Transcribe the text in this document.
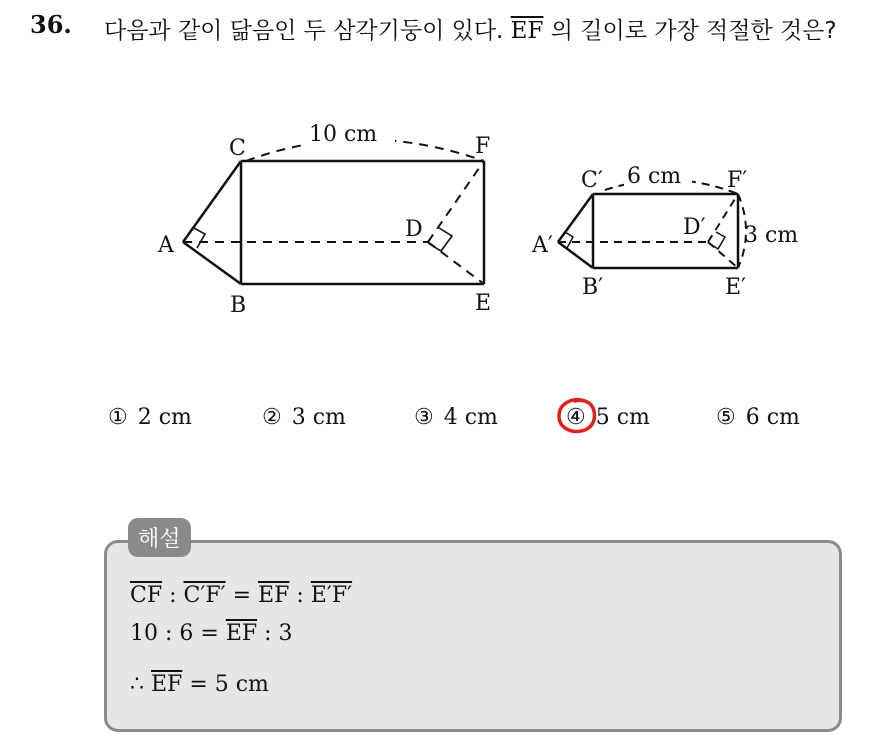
36. 다음과 같이 닮음인 두 삼각기둥이 있다. $\overline{EF}$ 의 길이로 가장 적절한 것은?
A
B
C
D
E
F
10 cm
A′
B′
C′
D′
E′
F′
6 cm
3 cm
① 2 cm	② 3 cm	③ 4 cm	④ 5 cm	⑤ 6 cm
해설
$\overline{CF}$ : $C'F' = \overline{EF}$ : E′F′
10 : $6 = \overline{EF}$ : 3
∴ $\overline{EF} = 5$ cm
